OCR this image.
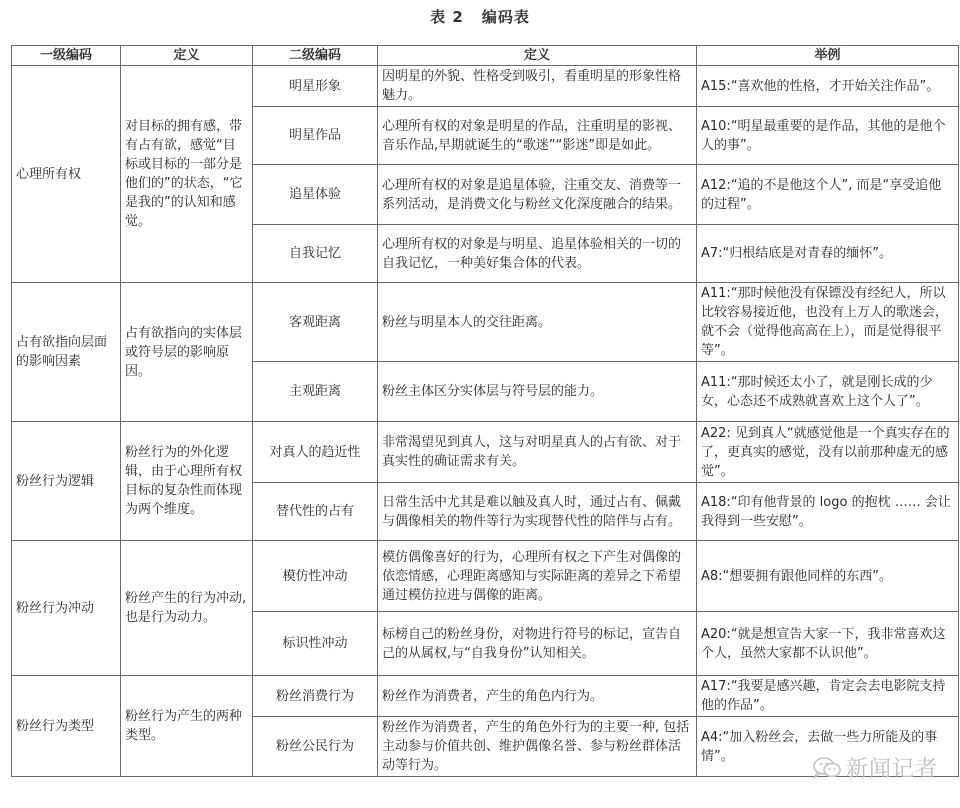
表 2 编码表
一级编码	定义	二级编码	定义	举例
心理所有权	对目标的拥有感，带有占有欲，感觉“目标或目标的一部分是他们的”的状态，“它是我的”的认知和感觉。	明星形象	因明星的外貌、性格受到吸引，看重明星的形象性格魅力。	A15:“喜欢他的性格，才开始关注作品”。
		明星作品	心理所有权的对象是明星的作品，注重明星的影视、音乐作品,早期就诞生的“歌迷”“影迷”即是如此。	A10:“明星最重要的是作品，其他的是他个人的事”。
		追星体验	心理所有权的对象是追星体验，注重交友、消费等一系列活动，是消费文化与粉丝文化深度融合的结果。	A12:“追的不是他这个人”, 而是“享受追他的过程”。
		自我记忆	心理所有权的对象是与明星、追星体验相关的一切的自我记忆，一种美好集合体的代表。	A7:“归根结底是对青春的缅怀”。
占有欲指向层面的影响因素	占有欲指向的实体层或符号层的影响原因。	客观距离	粉丝与明星本人的交往距离。	A11:“那时候他没有保镖没有经纪人，所以比较容易接近他，也没有上万人的歌迷会，就不会（觉得他高高在上），而是觉得很平等”。
		主观距离	粉丝主体区分实体层与符号层的能力。	A11:“那时候还太小了，就是刚长成的少女，心态还不成熟就喜欢上这个人了”。
粉丝行为逻辑	粉丝行为的外化逻辑，由于心理所有权目标的复杂性而体现为两个维度。	对真人的趋近性	非常渴望见到真人，这与对明星真人的占有欲、对于真实性的确证需求有关。	A22: 见到真人“就感觉他是一个真实存在的了，更真实的感觉，没有以前那种虚无的感觉”。
		替代性的占有	日常生活中尤其是难以触及真人时，通过占有、佩戴与偶像相关的物件等行为实现替代性的陪伴与占有。	A18:“印有他背景的 logo 的抱枕 …… 会让我得到一些安慰”。
粉丝行为冲动	粉丝产生的行为冲动,也是行为动力。	模仿性冲动	模仿偶像喜好的行为，心理所有权之下产生对偶像的依恋情感，心理距离感知与实际距离的差异之下希望通过模仿拉进与偶像的距离。	A8:“想要拥有跟他同样的东西”。
		标识性冲动	标榜自己的粉丝身份，对物进行符号的标记，宣告自己的从属权,与“自我身份”认知相关。	A20:“就是想宣告大家一下，我非常喜欢这个人，虽然大家都不认识他”。
粉丝行为类型	粉丝行为产生的两种类型。	粉丝消费行为	粉丝作为消费者，产生的角色内行为。	A17:“我要是感兴趣，肯定会去电影院支持他的作品”。
		粉丝公民行为	粉丝作为消费者，产生的角色外行为的主要一种, 包括主动参与价值共创、维护偶像名誉、参与粉丝群体活动等行为。	A4:“加入粉丝会，去做一些力所能及的事情”。
新闻记者
